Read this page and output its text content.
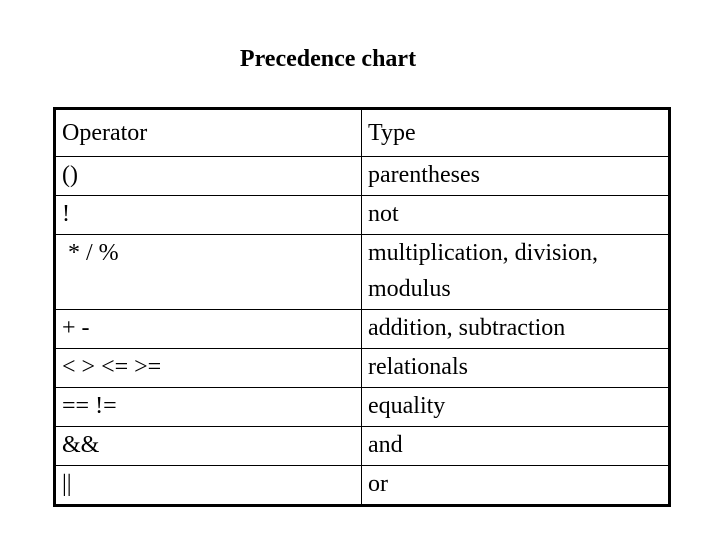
Precedence chart
Operator	Type
()	parentheses
!	not
* / %	multiplication, division, modulus
+ -	addition, subtraction
< > <= >=	relationals
== !=	equality
&&	and
||	or
